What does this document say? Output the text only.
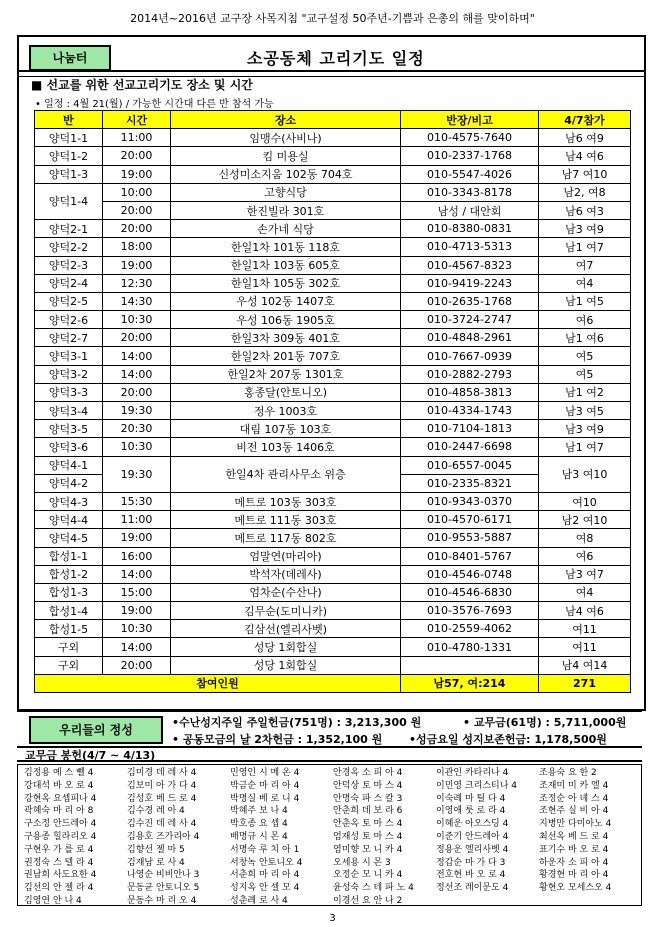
2014년~2016년 교구장 사목지침 "교구설정 50주년-기쁨과 은총의 해를 맞이하며"
나눔터	소공동체 고리기도 일정
■ 선교를 위한 선교고리기도 장소 및 시간
• 일정 : 4월 21(월) / 가능한 시간대 다른 반 참석 가능
반	시간	장소	반장/비고	4/7참가
양덕1-1	11:00	임맹수(사비나)	010-4575-7640	남6 여9
양덕1-2	20:00	킴 미용실	010-2337-1768	남4 여6
양덕1-3	19:00	신성미소지움 102동 704호	010-5547-4026	남7 여10
양덕1-4	10:00	고향식당	010-3343-8178	남2, 여8
	20:00	한진빌라 301호	남성 / 대안회	남6 여3
양덕2-1	20:00	손가네 식당	010-8380-0831	남3 여9
양덕2-2	18:00	한일1차 101동 118호	010-4713-5313	남1 여7
양덕2-3	19:00	한일1차 103동 605호	010-4567-8323	여7
양덕2-4	12:30	한일1차 105동 302호	010-9419-2243	여4
양덕2-5	14:30	우성 102동 1407호	010-2635-1768	남1 여5
양덕2-6	10:30	우성 106동 1905호	010-3724-2747	여6
양덕2-7	20:00	한일3차 309동 401호	010-4848-2961	남1 여6
양덕3-1	14:00	한일2차 201동 707호	010-7667-0939	여5
양덕3-2	14:00	한일2차 207동 1301호	010-2882-2793	여5
양덕3-3	20:00	홍종달(안토니오)	010-4858-3813	남1 여2
양덕3-4	19:30	정우 1003호	010-4334-1743	남3 여5
양덕3-5	20:30	대림 107동 103호	010-7104-1813	남3 여9
양덕3-6	10:30	비전 103동 1406호	010-2447-6698	남1 여7
양덕4-1	19:30	한일4차 관리사무소 위층	010-6557-0045	남3 여10
양덕4-2			010-2335-8321	
양덕4-3	15:30	메트로 103동 303호	010-9343-0370	여10
양덕4-4	11:00	메트로 111동 303호	010-4570-6171	남2 여10
양덕4-5	19:00	메트로 117동 802호	010-9553-5887	여8
합성1-1	16:00	엄말연(마리아)	010-8401-5767	여6
합성1-2	14:00	박석자(데레사)	010-4546-0748	남3 여7
합성1-3	15:00	엄차순(수산나)	010-4546-6830	여4
합성1-4	19:00	김무순(도미니카)	010-3576-7693	남4 여6
합성1-5	10:30	김삼선(엘리사벳)	010-2559-4062	여11
구외	14:00	성당 1회합실	010-4780-1331	여11
구외	20:00	성당 1회합실		남4 여14
참여인원			남57, 여:214	271
우리들의 정성
•수난성지주일 주일헌금(751명) : 3,213,300 원	• 교무금(61명) : 5,711,000원
• 공동모금의 날 2차헌금 : 1,352,100 원 •성금요일 성지보존헌금: 1,178,500원
교무금 봉헌(4/7 ~ 4/13)
김정용 예 스 뻴 4
강대석 바 오 로 4
강현옥 요셉피나 4
곽혜숙 마 리 아 8
구소정 안드레아 4
구용종 힐라리오 4
구현우 가 를 로 4
권정숙 스 텔 라 4
권남희 사도요한 4
김선의 안 젤 라 4
김영연 안 나 4
김미경 데 레 사 4
김보미 아 가 다 4
김성호 베 드 로 4
김수경 레 아 4
김수진 데 레 사 4
김용호 즈가리아 4
김향선 젤 마 5
김재남 로 사 4
나영순 비비안나 3
문동균 안토니오 5
문동수 마 리 오 4
민영인 시 메 온 4
박금순 마 리 아 4
박명실 베 로 니 4
박혜주 보 나 4
박호종 요 셉 4
배명규 시 몬 4
서명숙 루 치 아 1
서창녹 안토니오 4
서춘희 마 리 아 4
성지옥 안 셀 모 4
성춘례 로 사 4
안경옥 소 피 아 4
안덕상 토 마 스 4
안명숙 파 스 칼 3
안춘희 데 보 라 6
안춘옥 토 마 스 4
엄재성 토 마 스 4
염미향 모 니 카 4
오세용 시 몬 3
오정순 모 니 카 4
윤성숙 스 테 파 노 4
이경선 요 안 나 2
이관인 카타리나 4
이민영 크리스티나 4
이숙례 마 틸 다 4
이영애 룻 로 라 4
이혜운 아오스딩 4
이준기 안드레아 4
정용운 엘리사벳 4
정갑순 마 가 다 3
전호현 바 오 로 4
정선조 레이문도 4
조용숙 요 한 2
조재미 미 카 엘 4
조정순 아 녜 스 4
조현주 실 비 아 4
지병만 다미아노 4
최선옥 베 드 로 4
표기수 바 오 로 4
하운자 소 피 아 4
황경현 마 리 아 4
황현오 모세스오 4
3
